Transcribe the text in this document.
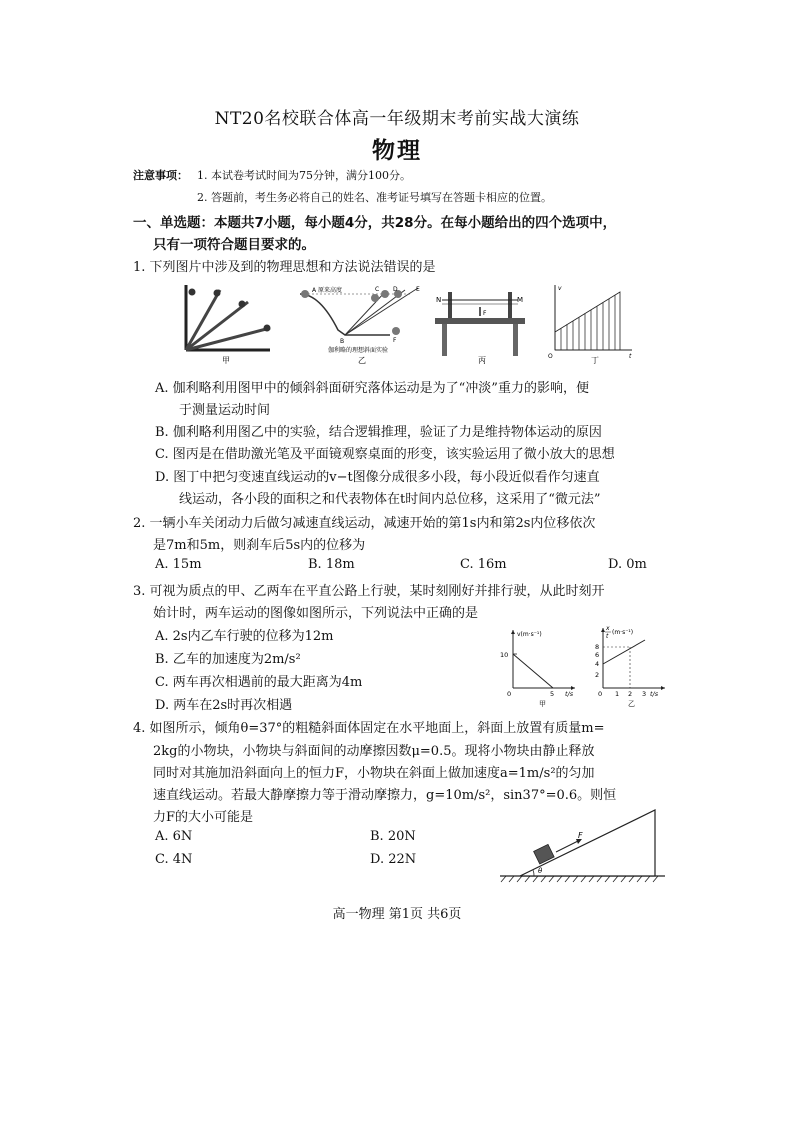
NT20名校联合体高一年级期末考前实战大演练
物理
注意事项： 1. 本试卷考试时间为75分钟，满分100分。
2. 答题前，考生务必将自己的姓名、准考证号填写在答题卡相应的位置。
一、单选题：本题共7小题，每小题4分，共28分。在每小题给出的四个选项中，
只有一项符合题目要求的。
1. 下列图片中涉及到的物理思想和方法说法错误的是
甲
A 原来高度
B
C D	E
F
伽利略的理想斜面实验
乙
N	M
F
丙
v
O	t
丁
A. 伽利略利用图甲中的倾斜斜面研究落体运动是为了“冲淡”重力的影响，便
于测量运动时间
B. 伽利略利用图乙中的实验，结合逻辑推理，验证了力是维持物体运动的原因
C. 图丙是在借助激光笔及平面镜观察桌面的形变，该实验运用了微小放大的思想
D. 图丁中把匀变速直线运动的v−t图像分成很多小段，每小段近似看作匀速直
线运动，各小段的面积之和代表物体在t时间内总位移，这采用了“微元法”
2. 一辆小车关闭动力后做匀减速直线运动，减速开始的第1s内和第2s内位移依次
是7m和5m，则刹车后5s内的位移为
A. 15m	B. 18m	C. 16m	D. 0m
3. 可视为质点的甲、乙两车在平直公路上行驶，某时刻刚好并排行驶，从此时刻开
始计时，两车运动的图像如图所示，下列说法中正确的是
A. 2s内乙车行驶的位移为12m
B. 乙车的加速度为2m/s²
C. 两车再次相遇前的最大距离为4m
D. 两车在2s时再次相遇
v(m·s⁻¹)
10
0	5 t/s
甲
x
t
(m·s⁻¹)
8
6
4
2
0 1 2 3 t/s
乙
4. 如图所示，倾角θ=37°的粗糙斜面体固定在水平地面上，斜面上放置有质量m=
2kg的小物块，小物块与斜面间的动摩擦因数μ=0.5。现将小物块由静止释放
同时对其施加沿斜面向上的恒力F，小物块在斜面上做加速度a=1m/s²的匀加
速直线运动。若最大静摩擦力等于滑动摩擦力，g=10m/s²，sin37°=0.6。则恒
力F的大小可能是
A. 6N	B. 20N
C. 4N	D. 22N
F
θ
高一物理 第1页 共6页
